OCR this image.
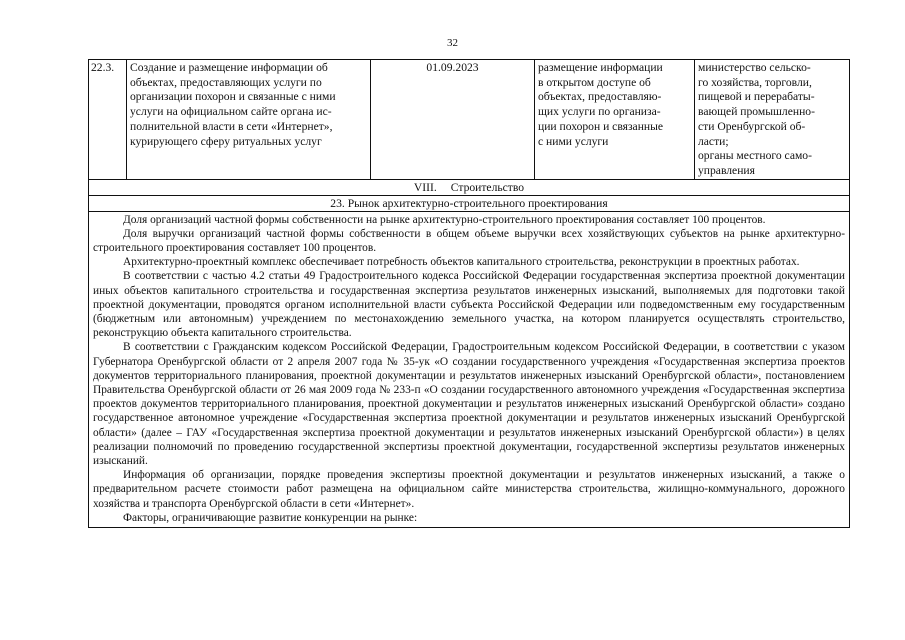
32
22.3.	Создание и размещение информации об
объектах, предоставляющих услуги по
организации похорон и связанные с ними
услуги на официальном сайте органа ис-
полнительной власти в сети «Интернет»,
курирующего сферу ритуальных услуг
01.09.2023	размещение информации
в открытом доступе об
объектах, предоставляю-
щих услуги по организа-
ции похорон и связанные
с ними услуги
министерство сельско-
го хозяйства, торговли,
пищевой и перерабаты-
вающей промышленно-
сти Оренбургской об-
ласти;
органы местного само-
управления
VIII. Строительство
23. Рынок архитектурно-строительного проектирования

Доля организаций частной формы собственности на рынке архитектурно-строительного проектирования составляет 100 процентов.

Доля выручки организаций частной формы собственности в общем объеме выручки всех хозяйствующих субъектов на рынке архитектурно-строительного проектирования составляет 100 процентов.

Архитектурно-проектный комплекс обеспечивает потребность объектов капитального строительства, реконструкции в проектных работах.

В соответствии с частью 4.2 статьи 49 Градостроительного кодекса Российской Федерации государственная экспертиза проектной документации иных объектов капитального строительства и государственная экспертиза результатов инженерных изысканий, выполняемых для подготовки такой проектной документации, проводятся органом исполнительной власти субъекта Российской Федерации или подведомственным ему государственным (бюджетным или автономным) учреждением по местонахождению земельного участка, на котором планируется осуществлять строительство, реконструкцию объекта капитального строительства.

В соответствии с Гражданским кодексом Российской Федерации, Градостроительным кодексом Российской Федерации, в соответствии с указом Губернатора Оренбургской области от 2 апреля 2007 года № 35-ук «О создании государственного учреждения «Государственная экспертиза проектов документов территориального планирования, проектной документации и результатов инженерных изысканий Оренбургской области», постановлением Правительства Оренбургской области от 26 мая 2009 года № 233-п «О создании государственного автономного учреждения «Государственная экспертиза проектов документов территориального планирования, проектной документации и результатов инженерных изысканий Оренбургской области» создано государственное автономное учреждение «Государственная экспертиза проектной документации и результатов инженерных изысканий Оренбургской области» (далее – ГАУ «Государственная экспертиза проектной документации и результатов инженерных изысканий Оренбургской области») в целях реализации полномочий по проведению государственной экспертизы проектной документации, государственной экспертизы результатов инженерных изысканий.

Информация об организации, порядке проведения экспертизы проектной документации и результатов инженерных изысканий, а также о предварительном расчете стоимости работ размещена на официальном сайте министерства строительства, жилищно-коммунального, дорожного хозяйства и транспорта Оренбургской области в сети «Интернет».

Факторы, ограничивающие развитие конкуренции на рынке:
